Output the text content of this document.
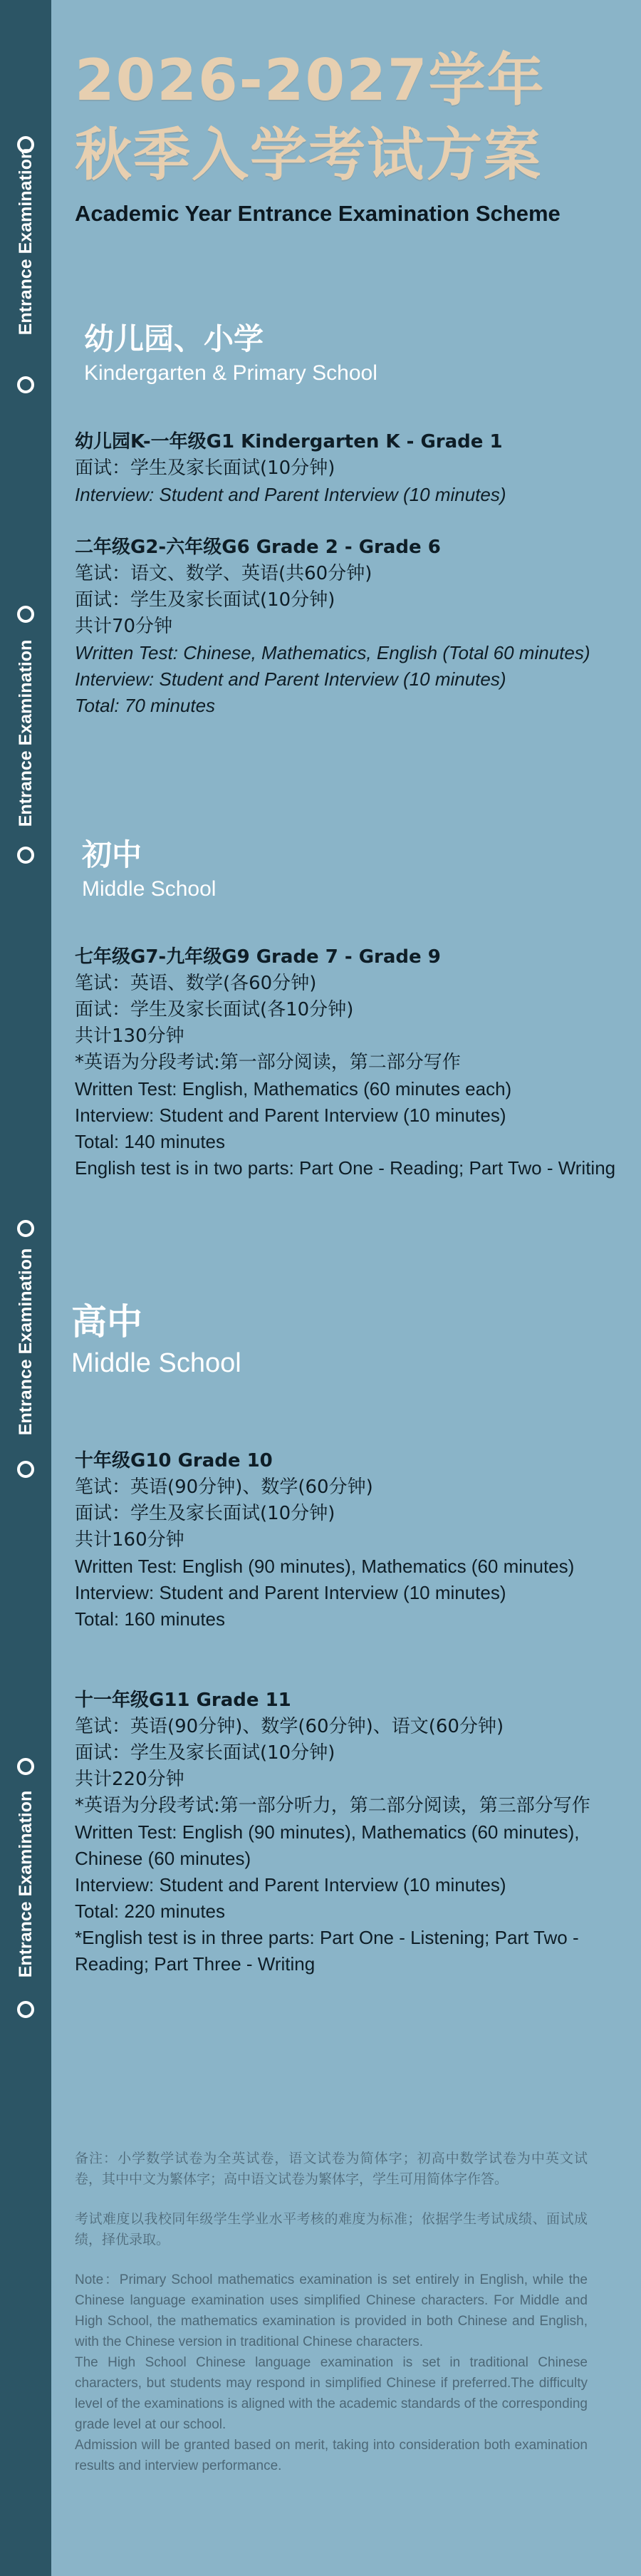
Entrance Examination
Entrance Examination
Entrance Examination
Entrance Examination
2026-2027学年
秋季入学考试方案
Academic Year Entrance Examination Scheme
幼儿园、小学
Kindergarten & Primary School
幼儿园K-一年级G1 Kindergarten K - Grade 1
面试：学生及家长面试(10分钟)
Interview: Student and Parent Interview (10 minutes)
二年级G2-六年级G6 Grade 2 - Grade 6
笔试：语文、数学、英语(共60分钟)
面试：学生及家长面试(10分钟)
共计70分钟
Written Test: Chinese, Mathematics, English (Total 60 minutes)
Interview: Student and Parent Interview (10 minutes)
Total: 70 minutes
初中
Middle School
七年级G7-九年级G9 Grade 7 - Grade 9
笔试：英语、数学(各60分钟)
面试：学生及家长面试(各10分钟)
共计130分钟
*英语为分段考试:第一部分阅读，第二部分写作
Written Test: English, Mathematics (60 minutes each)
Interview: Student and Parent Interview (10 minutes)
Total: 140 minutes
English test is in two parts: Part One - Reading; Part Two - Writing
高中
Middle School
十年级G10 Grade 10
笔试：英语(90分钟)、数学(60分钟)
面试：学生及家长面试(10分钟)
共计160分钟
Written Test: English (90 minutes), Mathematics (60 minutes)
Interview: Student and Parent Interview (10 minutes)
Total: 160 minutes
十一年级G11 Grade 11
笔试：英语(90分钟)、数学(60分钟)、语文(60分钟)
面试：学生及家长面试(10分钟)
共计220分钟
*英语为分段考试:第一部分听力，第二部分阅读，第三部分写作
Written Test: English (90 minutes), Mathematics (60 minutes), Chinese (60 minutes)
Interview: Student and Parent Interview (10 minutes)
Total: 220 minutes
*English test is in three parts: Part One - Listening; Part Two - Reading; Part Three - Writing
备注：小学数学试卷为全英试卷，语文试卷为简体字；初高中数学试卷为中英文试卷，其中中文为繁体字；高中语文试卷为繁体字，学生可用简体字作答。
考试难度以我校同年级学生学业水平考核的难度为标准；依据学生考试成绩、面试成绩，择优录取。
Note：Primary School mathematics examination is set entirely in English, while the Chinese language examination uses simplified Chinese characters. For Middle and High School, the mathematics examination is provided in both Chinese and English, with the Chinese version in traditional Chinese characters.
The High School Chinese language examination is set in traditional Chinese characters, but students may respond in simplified Chinese if preferred.The difficulty level of the examinations is aligned with the academic standards of the corresponding grade level at our school.
Admission will be granted based on merit, taking into consideration both examination results and interview performance.
